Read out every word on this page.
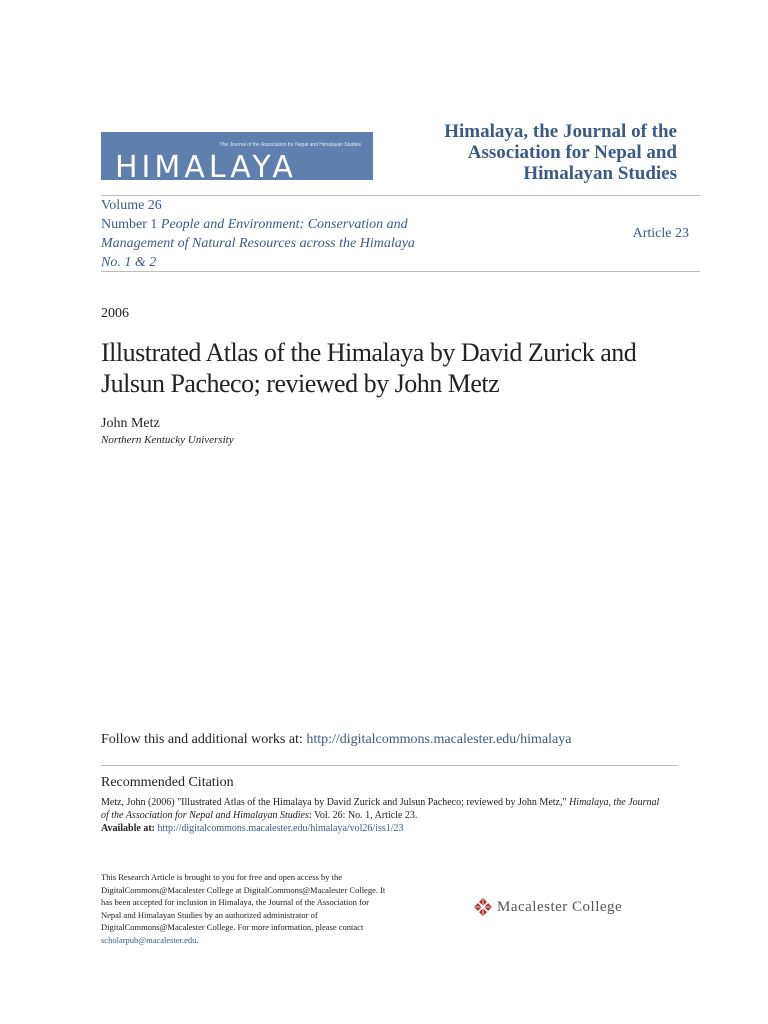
The Journal of the Association for Nepal and Himalayan Studies
HIMALAYA
Himalaya, the Journal of the Association for Nepal and Himalayan Studies
Volume 26
Number 1 People and Environment: Conservation and Management of Natural Resources across the Himalaya No. 1 & 2
Article 23
2006
Illustrated Atlas of the Himalaya by David Zurick and Julsun Pacheco; reviewed by John Metz
John Metz
Northern Kentucky University
Follow this and additional works at: http://digitalcommons.macalester.edu/himalaya
Recommended Citation
Metz, John (2006) "Illustrated Atlas of the Himalaya by David Zurick and Julsun Pacheco; reviewed by John Metz," Himalaya, the Journal of the Association for Nepal and Himalayan Studies: Vol. 26: No. 1, Article 23.
Available at: http://digitalcommons.macalester.edu/himalaya/vol26/iss1/23
This Research Article is brought to you for free and open access by the DigitalCommons@Macalester College at DigitalCommons@Macalester College. It has been accepted for inclusion in Himalaya, the Journal of the Association for Nepal and Himalayan Studies by an authorized administrator of DigitalCommons@Macalester College. For more information, please contact scholarpub@macalester.edu.
Macalester College
